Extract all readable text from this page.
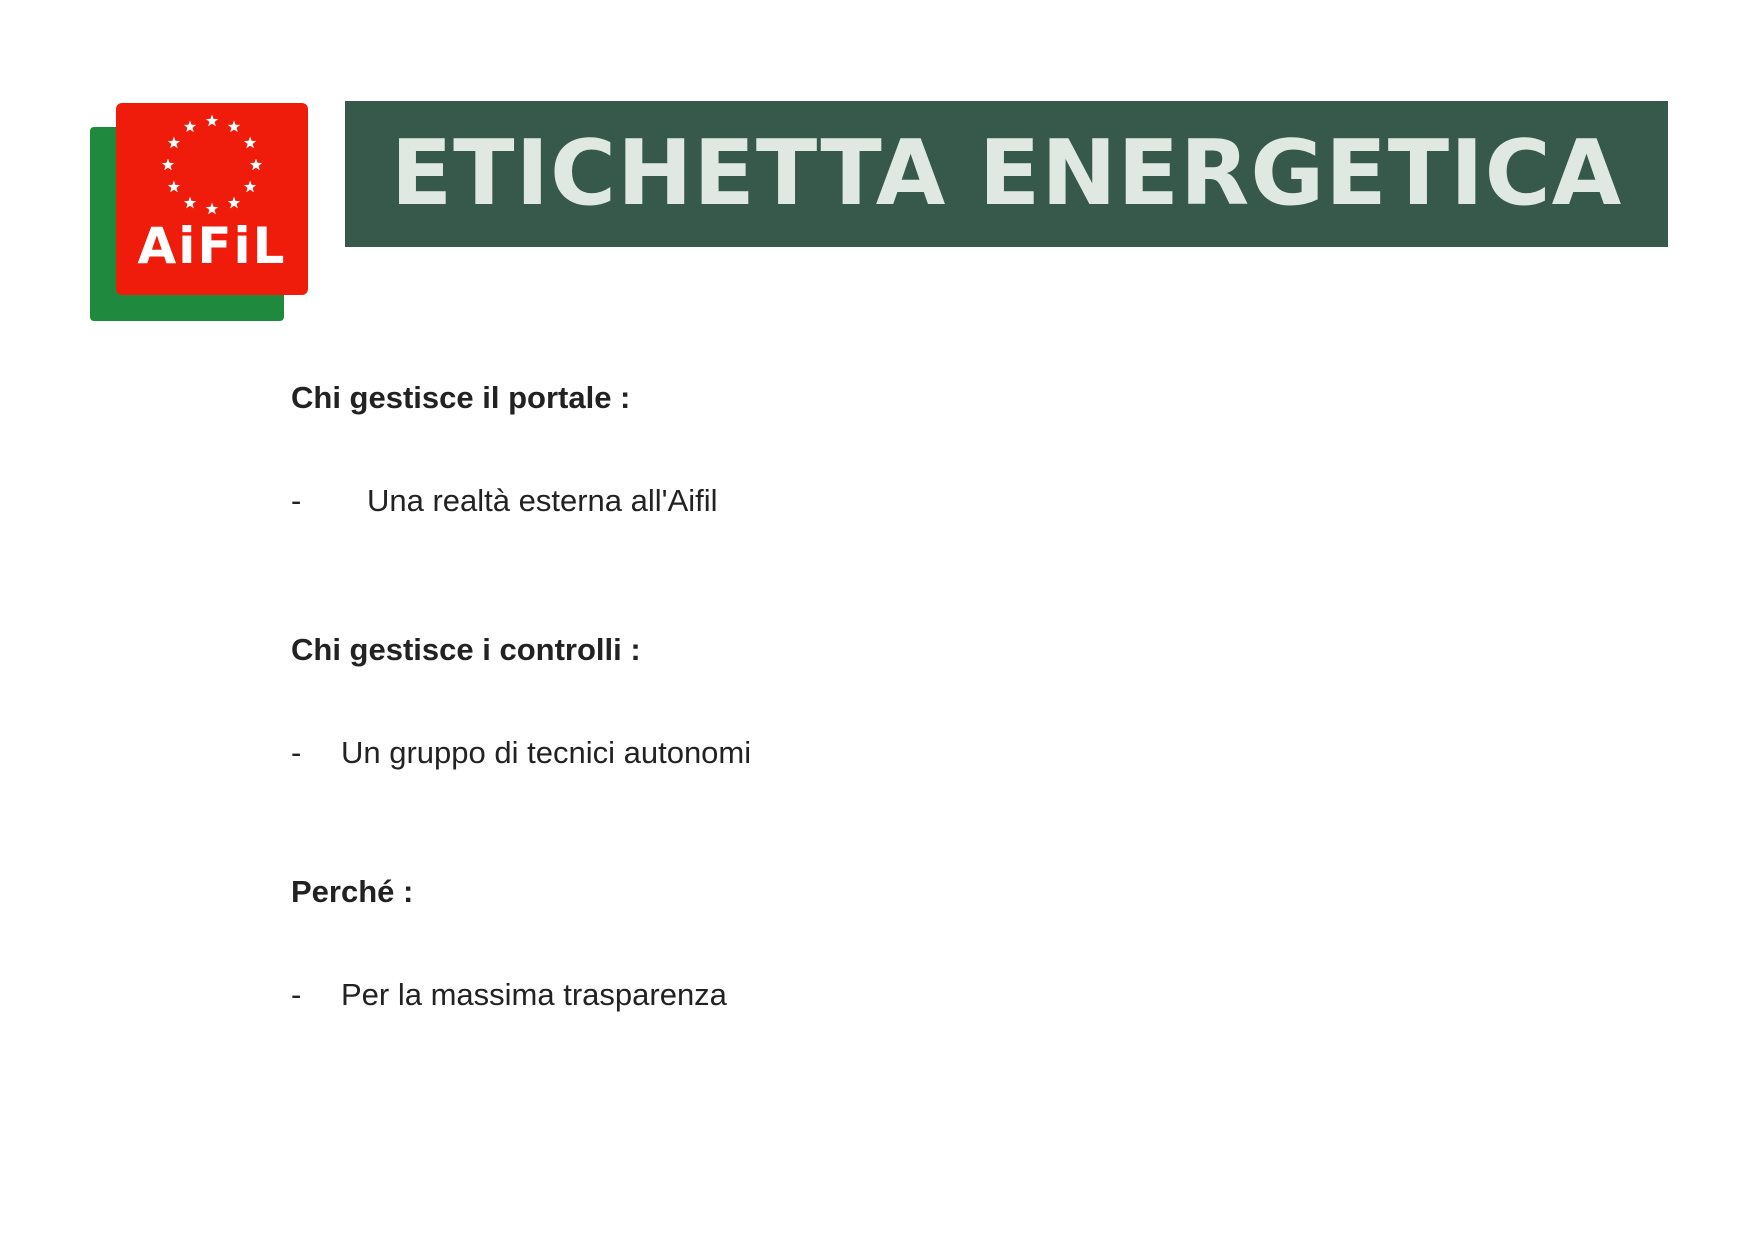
AiFiL
ETICHETTA ENERGETICA
Chi gestisce il portale :
- Una realtà esterna all'Aifil
Chi gestisce i controlli :
- Un gruppo di tecnici autonomi
Perché :
- Per la massima trasparenza
